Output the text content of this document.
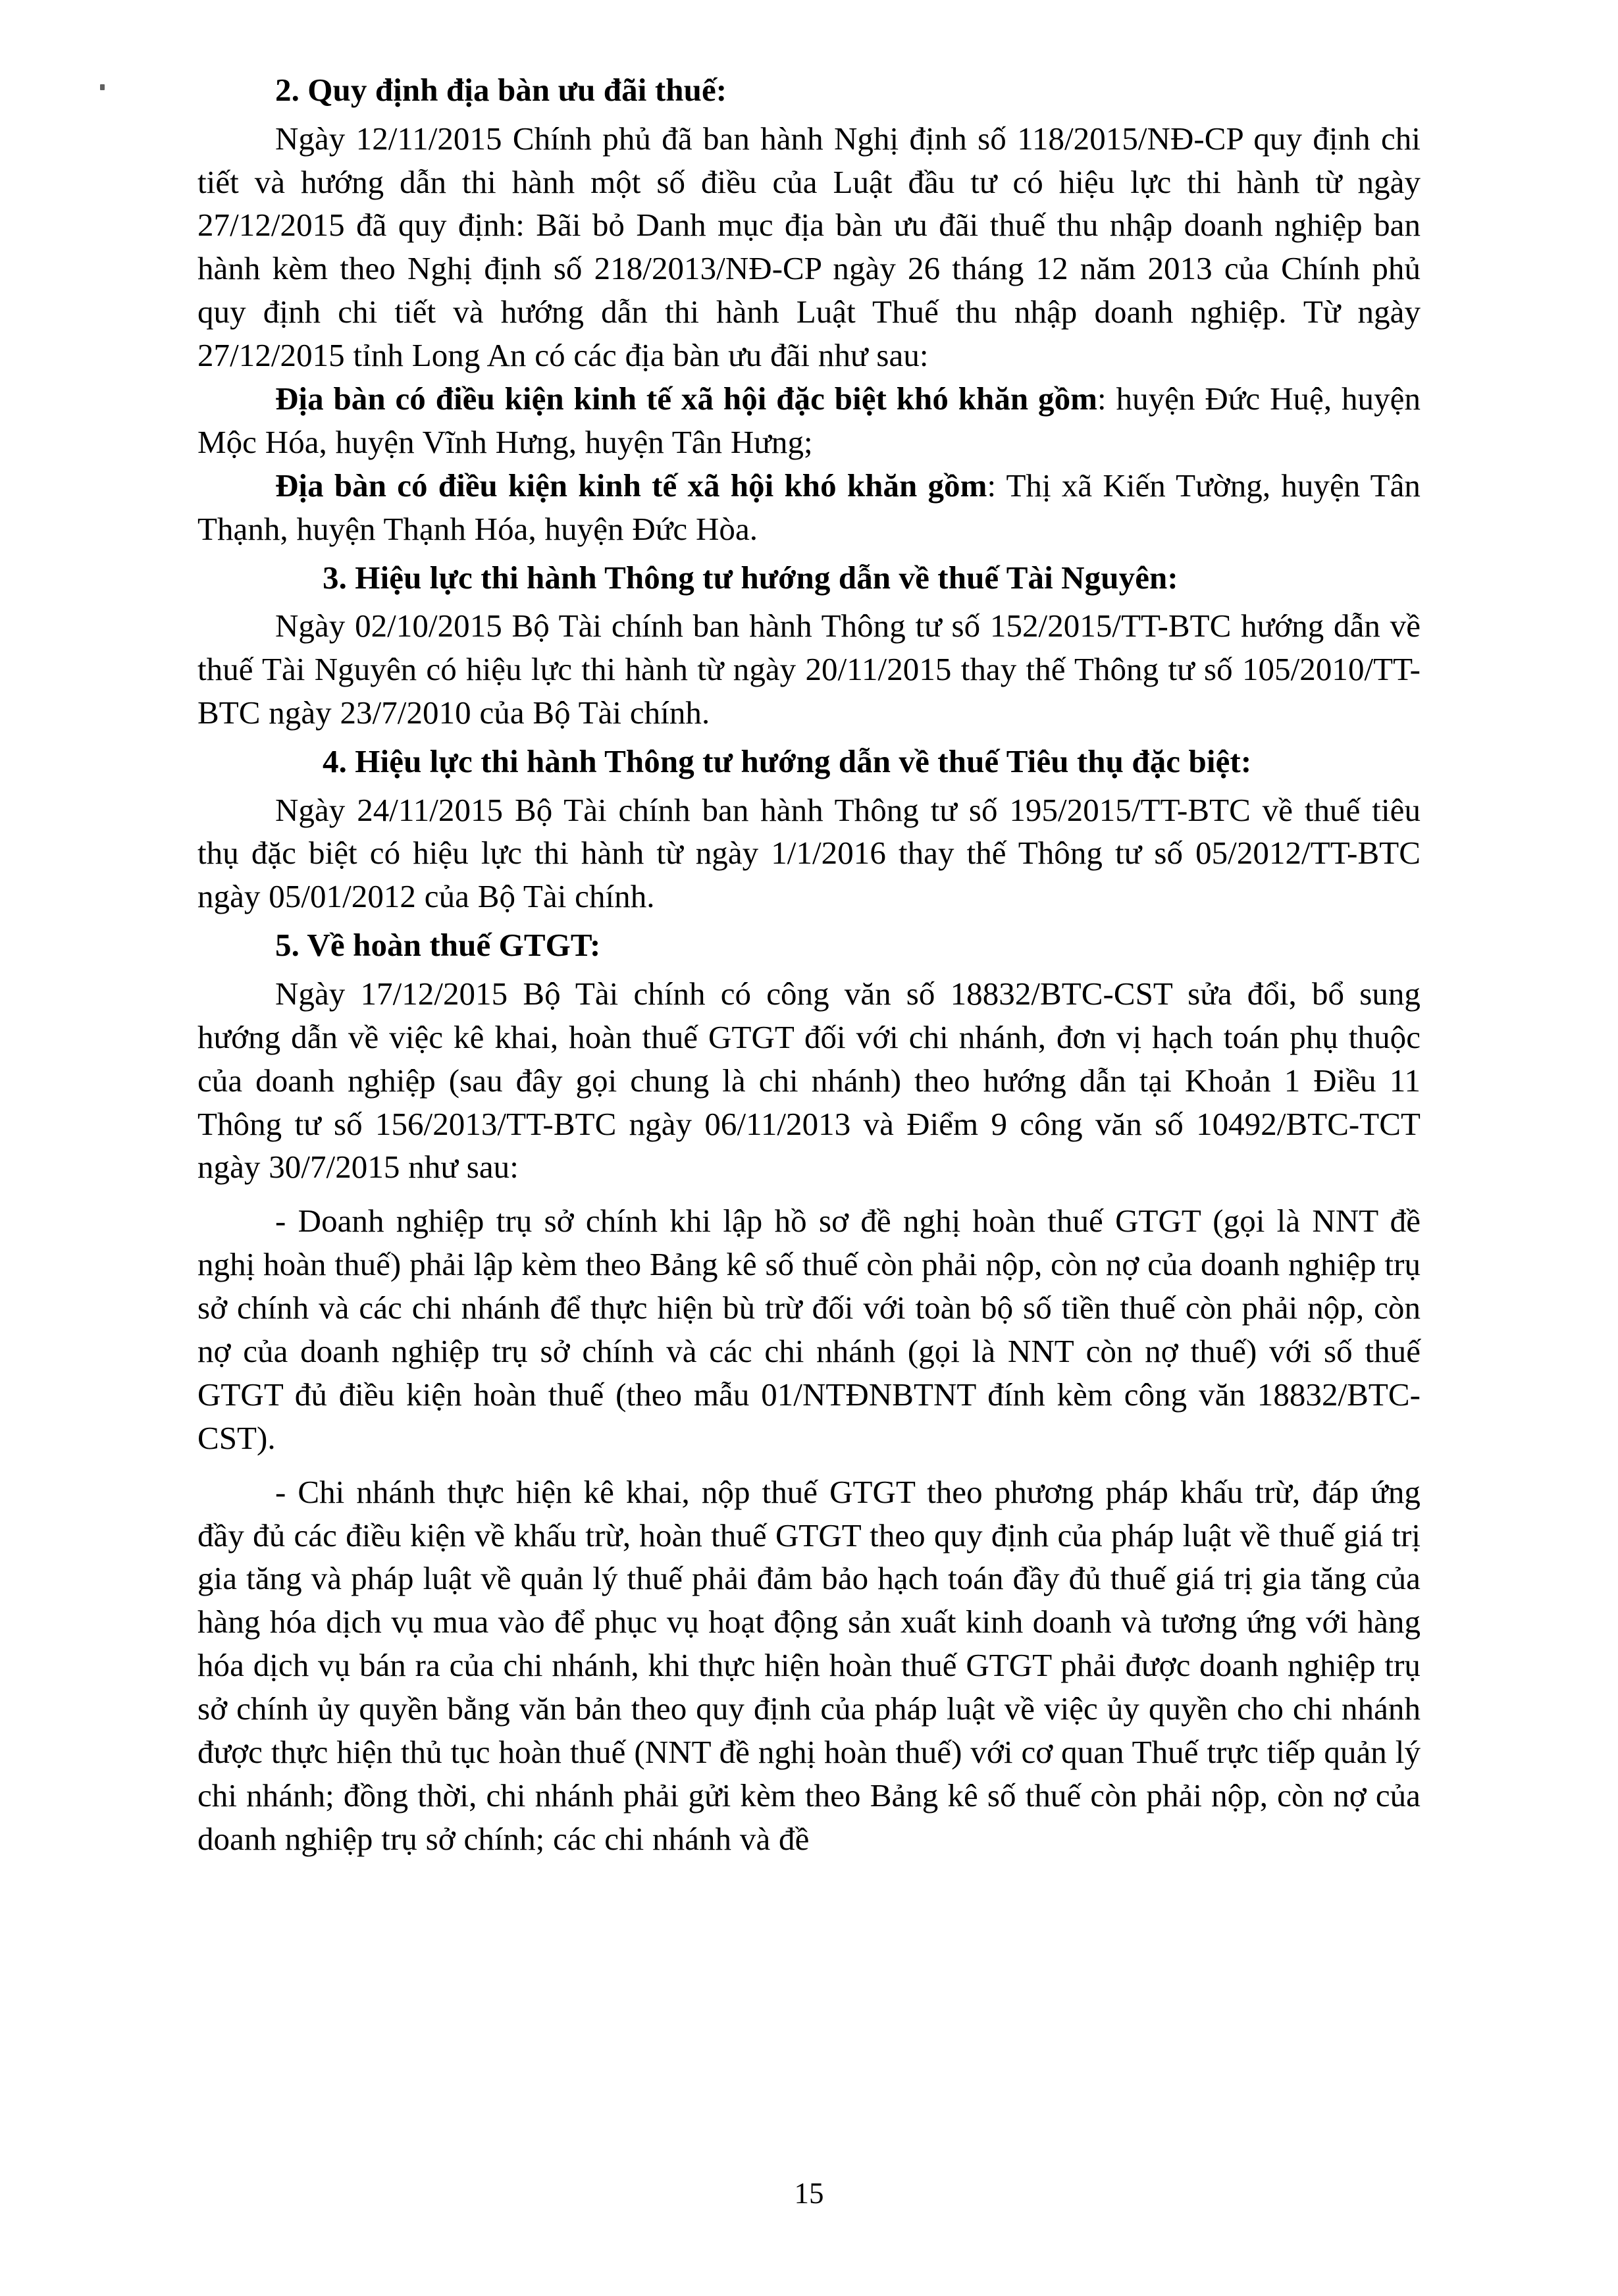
2. Quy định địa bàn ưu đãi thuế:

Ngày 12/11/2015 Chính phủ đã ban hành Nghị định số 118/2015/NĐ-CP quy định chi tiết và hướng dẫn thi hành một số điều của Luật đầu tư có hiệu lực thi hành từ ngày 27/12/2015 đã quy định: Bãi bỏ Danh mục địa bàn ưu đãi thuế thu nhập doanh nghiệp ban hành kèm theo Nghị định số 218/2013/NĐ-CP ngày 26 tháng 12 năm 2013 của Chính phủ quy định chi tiết và hướng dẫn thi hành Luật Thuế thu nhập doanh nghiệp. Từ ngày 27/12/2015 tỉnh Long An có các địa bàn ưu đãi như sau:

Địa bàn có điều kiện kinh tế xã hội đặc biệt khó khăn gồm: huyện Đức Huệ, huyện Mộc Hóa, huyện Vĩnh Hưng, huyện Tân Hưng;

Địa bàn có điều kiện kinh tế xã hội khó khăn gồm: Thị xã Kiến Tường, huyện Tân Thạnh, huyện Thạnh Hóa, huyện Đức Hòa.

3. Hiệu lực thi hành Thông tư hướng dẫn về thuế Tài Nguyên:

Ngày 02/10/2015 Bộ Tài chính ban hành Thông tư số 152/2015/TT-BTC hướng dẫn về thuế Tài Nguyên có hiệu lực thi hành từ ngày 20/11/2015 thay thế Thông tư số 105/2010/TT-BTC ngày 23/7/2010 của Bộ Tài chính.

4. Hiệu lực thi hành Thông tư hướng dẫn về thuế Tiêu thụ đặc biệt:

Ngày 24/11/2015 Bộ Tài chính ban hành Thông tư số 195/2015/TT-BTC về thuế tiêu thụ đặc biệt có hiệu lực thi hành từ ngày 1/1/2016 thay thế Thông tư số 05/2012/TT-BTC ngày 05/01/2012 của Bộ Tài chính.

5. Về hoàn thuế GTGT:

Ngày 17/12/2015 Bộ Tài chính có công văn số 18832/BTC-CST sửa đổi, bổ sung hướng dẫn về việc kê khai, hoàn thuế GTGT đối với chi nhánh, đơn vị hạch toán phụ thuộc của doanh nghiệp (sau đây gọi chung là chi nhánh) theo hướng dẫn tại Khoản 1 Điều 11 Thông tư số 156/2013/TT-BTC ngày 06/11/2013 và Điểm 9 công văn số 10492/BTC-TCT ngày 30/7/2015 như sau:

- Doanh nghiệp trụ sở chính khi lập hồ sơ đề nghị hoàn thuế GTGT (gọi là NNT đề nghị hoàn thuế) phải lập kèm theo Bảng kê số thuế còn phải nộp, còn nợ của doanh nghiệp trụ sở chính và các chi nhánh để thực hiện bù trừ đối với toàn bộ số tiền thuế còn phải nộp, còn nợ của doanh nghiệp trụ sở chính và các chi nhánh (gọi là NNT còn nợ thuế) với số thuế GTGT đủ điều kiện hoàn thuế (theo mẫu 01/NTĐNBTNT đính kèm công văn 18832/BTC-CST).

- Chi nhánh thực hiện kê khai, nộp thuế GTGT theo phương pháp khấu trừ, đáp ứng đầy đủ các điều kiện về khấu trừ, hoàn thuế GTGT theo quy định của pháp luật về thuế giá trị gia tăng và pháp luật về quản lý thuế phải đảm bảo hạch toán đầy đủ thuế giá trị gia tăng của hàng hóa dịch vụ mua vào để phục vụ hoạt động sản xuất kinh doanh và tương ứng với hàng hóa dịch vụ bán ra của chi nhánh, khi thực hiện hoàn thuế GTGT phải được doanh nghiệp trụ sở chính ủy quyền bằng văn bản theo quy định của pháp luật về việc ủy quyền cho chi nhánh được thực hiện thủ tục hoàn thuế (NNT đề nghị hoàn thuế) với cơ quan Thuế trực tiếp quản lý chi nhánh; đồng thời, chi nhánh phải gửi kèm theo Bảng kê số thuế còn phải nộp, còn nợ của doanh nghiệp trụ sở chính; các chi nhánh và đề

15
